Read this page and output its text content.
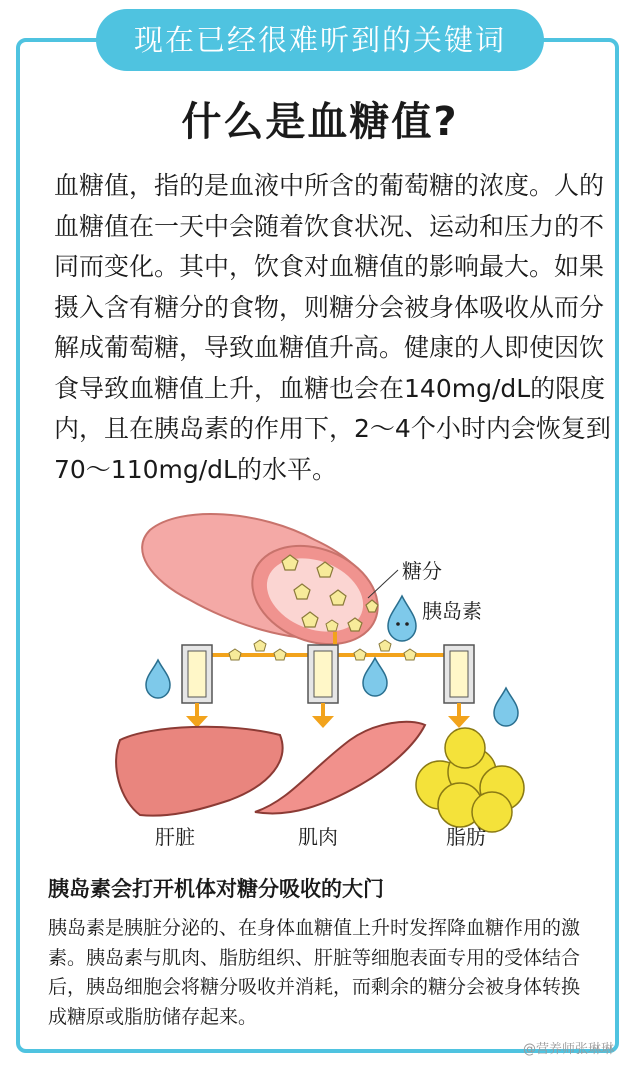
现在已经很难听到的关键词
什么是血糖值?

血糖值，指的是血液中所含的葡萄糖的浓度。人的血糖值在一天中会随着饮食状况、运动和压力的不同而变化。其中，饮食对血糖值的影响最大。如果摄入含有糖分的食物，则糖分会被身体吸收从而分解成葡萄糖，导致血糖值升高。健康的人即使因饮食导致血糖值上升，血糖也会在140mg/dL的限度内，且在胰岛素的作用下，2〜4个小时内会恢复到70〜110mg/dL的水平。

糖分
胰岛素
肝脏	肌肉	脂肪
胰岛素会打开机体对糖分吸收的大门

胰岛素是胰脏分泌的、在身体血糖值上升时发挥降血糖作用的激素。胰岛素与肌肉、脂肪组织、肝脏等细胞表面专用的受体结合后，胰岛细胞会将糖分吸收并消耗，而剩余的糖分会被身体转换成糖原或脂肪储存起来。

@营养师张琳琳
